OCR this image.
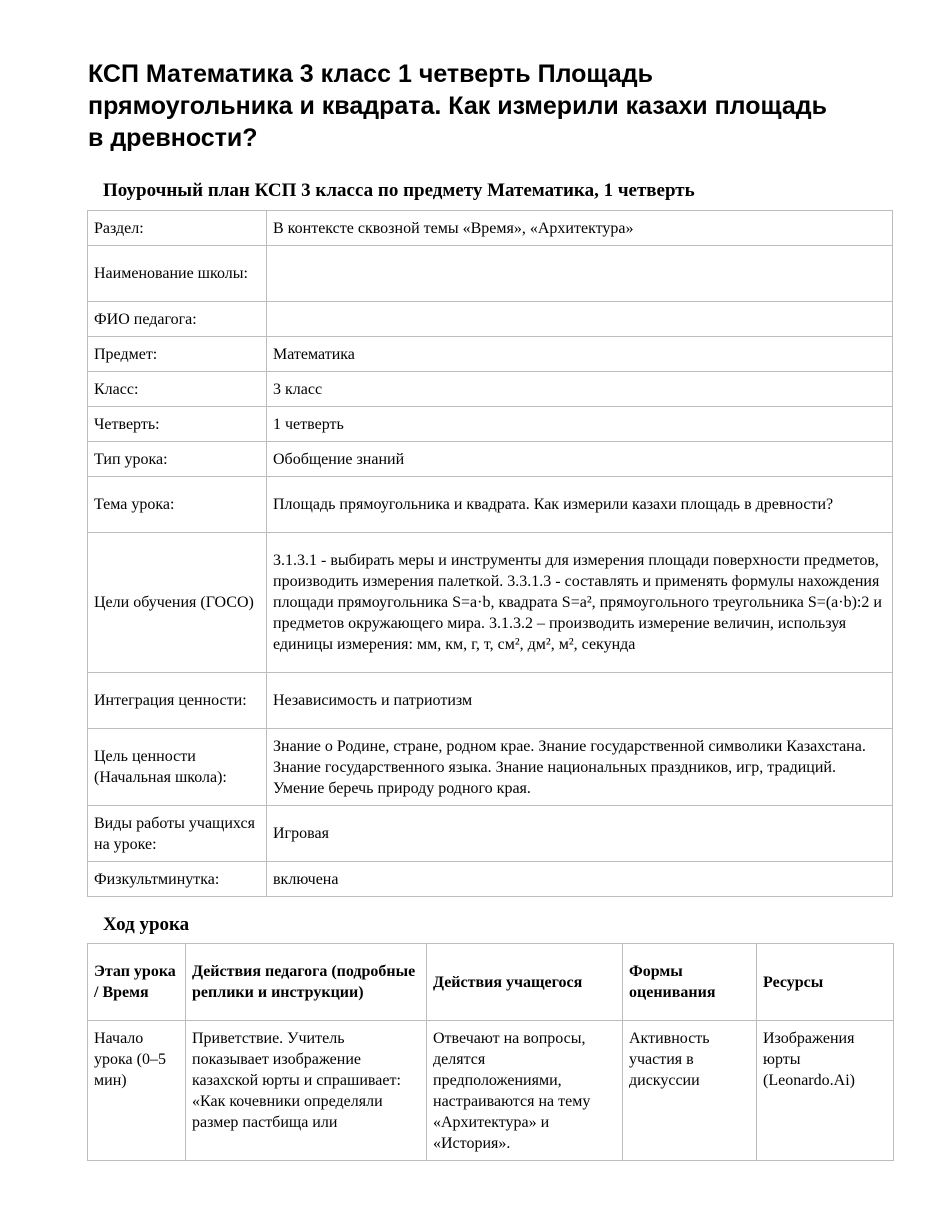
КСП Математика 3 класс 1 четверть Площадь прямоугольника и квадрата. Как измерили казахи площадь в древности?
Поурочный план КСП 3 класса по предмету Математика, 1 четверть
Раздел:	В контексте сквозной темы «Время», «Архитектура»
Наименование школы:	
ФИО педагога:	
Предмет:	Математика
Класс:	3 класс
Четверть:	1 четверть
Тип урока:	Обобщение знаний
Тема урока:	Площадь прямоугольника и квадрата. Как измерили казахи площадь в древности?
Цели обучения (ГОСО)	3.1.3.1 - выбирать меры и инструменты для измерения площади поверхности предметов, производить измерения палеткой. 3.3.1.3 - составлять и применять формулы нахождения площади прямоугольника S=a·b, квадрата S=a², прямоугольного треугольника S=(a·b):2 и предметов окружающего мира. 3.1.3.2 – производить измерение величин, используя единицы измерения: мм, км, г, т, см², дм², м², секунда
Интеграция ценности:	Независимость и патриотизм
Цель ценности (Начальная школа):	Знание о Родине, стране, родном крае. Знание государственной символики Казахстана. Знание государственного языка. Знание национальных праздников, игр, традиций. Умение беречь природу родного края.
Виды работы учащихся на уроке:	Игровая
Физкультминутка:	включена
Ход урока
Этап урока / Время	Действия педагога (подробные реплики и инструкции)	Действия учащегося	Формы оценивания	Ресурсы
Начало урока (0–5 мин)	Приветствие. Учитель показывает изображение казахской юрты и спрашивает: «Как кочевники определяли размер пастбища или	Отвечают на вопросы, делятся предположениями, настраиваются на тему «Архитектура» и «История».	Активность участия в дискуссии	Изображения юрты (Leonardo.Ai)
